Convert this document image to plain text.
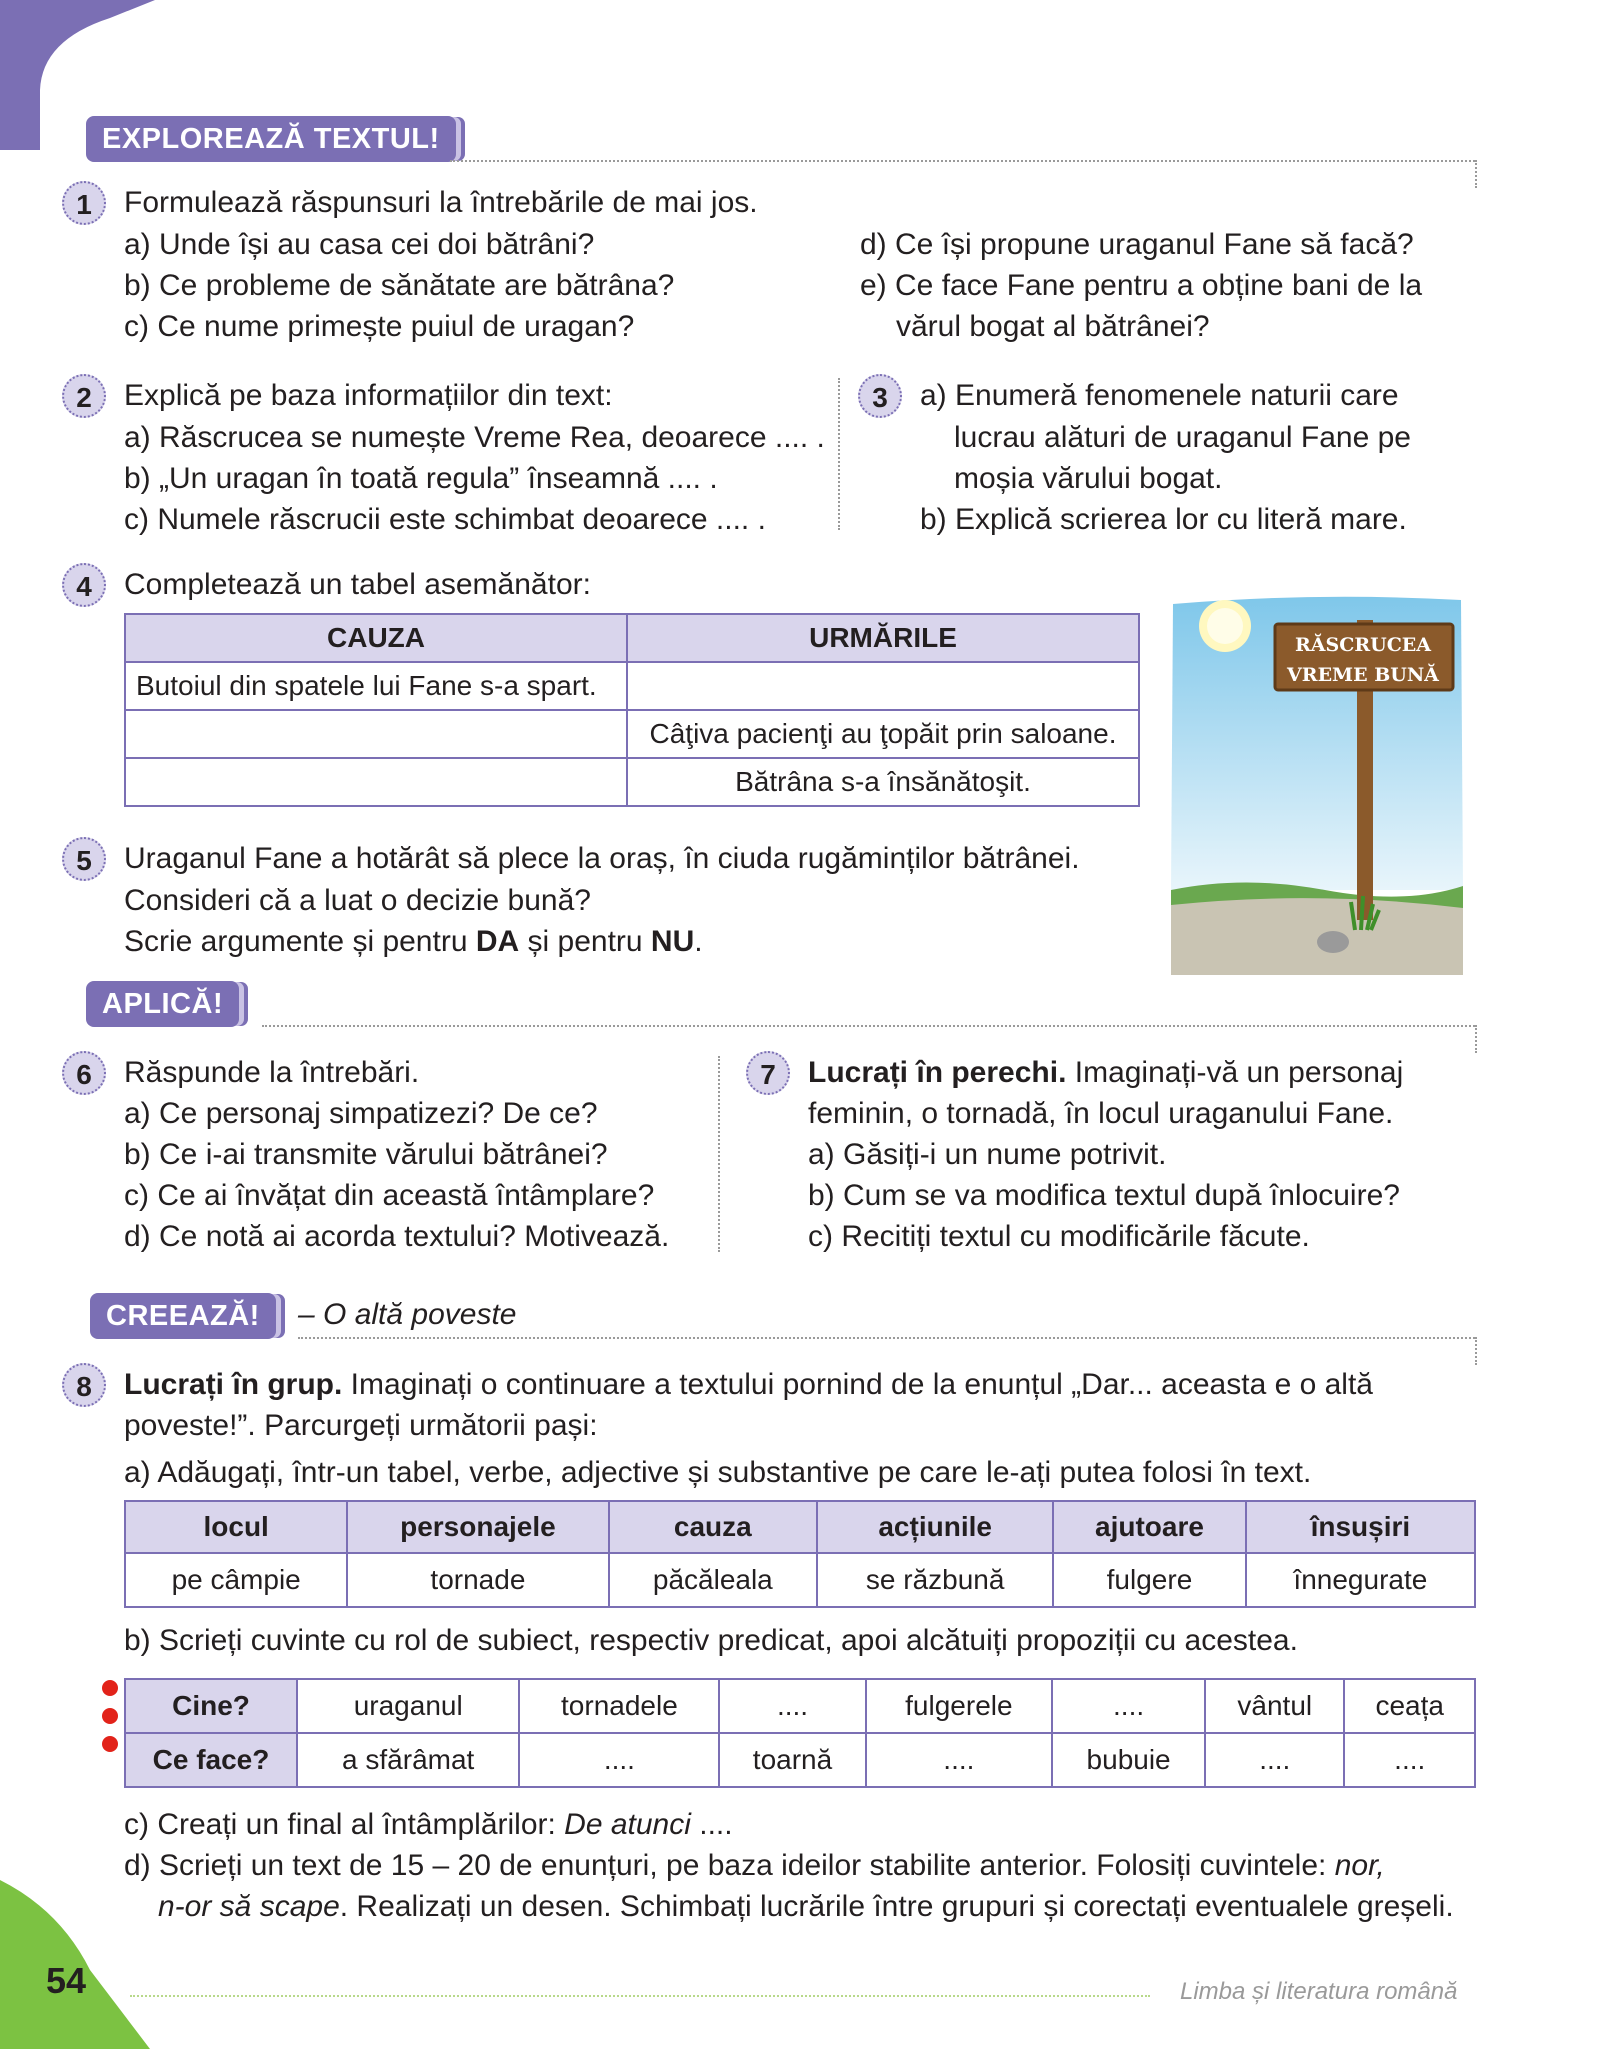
EXPLOREAZĂ TEXTUL!
1	Formulează răspunsuri la întrebările de mai jos.
a) Unde își au casa cei doi bătrâni?
b) Ce probleme de sănătate are bătrâna?
c) Ce nume primește puiul de uragan?
d) Ce își propune uraganul Fane să facă?
e) Ce face Fane pentru a obține bani de la
vărul bogat al bătrânei?
2	Explică pe baza informațiilor din text:
a) Răscrucea se numește Vreme Rea, deoarece .... .
b) „Un uragan în toată regula” înseamnă .... .
c) Numele răscrucii este schimbat deoarece .... .
3	a) Enumeră fenomenele naturii care
lucrau alături de uraganul Fane pe
moșia vărului bogat.
b) Explică scrierea lor cu literă mare.
4	Completează un tabel asemănător:
CAUZA	URMĂRILE
Butoiul din spatele lui Fane s-a spart.	
	Câţiva pacienţi au ţopăit prin saloane.
	Bătrâna s-a însănătoşit.
RĂSCRUCEA
VREME BUNĂ
5	Uraganul Fane a hotărât să plece la oraș, în ciuda rugăminților bătrânei.
Consideri că a luat o decizie bună?
Scrie argumente și pentru DA și pentru NU.
APLICĂ!
6	Răspunde la întrebări.
a) Ce personaj simpatizezi? De ce?
b) Ce i-ai transmite vărului bătrânei?
c) Ce ai învățat din această întâmplare?
d) Ce notă ai acorda textului? Motivează.
7	Lucrați în perechi. Imaginați-vă un personaj
feminin, o tornadă, în locul uraganului Fane.
a) Găsiți-i un nume potrivit.
b) Cum se va modifica textul după înlocuire?
c) Recitiți textul cu modificările făcute.
CREEAZĂ!	– O altă poveste
8	Lucrați în grup. Imaginați o continuare a textului pornind de la enunțul „Dar... aceasta e o altă
poveste!”. Parcurgeți următorii pași:
a) Adăugați, într-un tabel, verbe, adjective și substantive pe care le-ați putea folosi în text.
locul	personajele	cauza	acțiunile	ajutoare	însușiri
pe câmpie	tornade	păcăleala	se răzbună	fulgere	înnegurate
b) Scrieți cuvinte cu rol de subiect, respectiv predicat, apoi alcătuiți propoziții cu acestea.
Cine?	uraganul	tornadele	....	fulgerele	....	vântul	ceața
Ce face?	a sfărâmat	....	toarnă	....	bubuie	....	....
c) Creați un final al întâmplărilor: De atunci ....
d) Scrieți un text de 15 – 20 de enunțuri, pe baza ideilor stabilite anterior. Folosiți cuvintele: nor,
n-or să scape. Realizați un desen. Schimbați lucrările între grupuri și corectați eventualele greșeli.
54	Limba și literatura română
